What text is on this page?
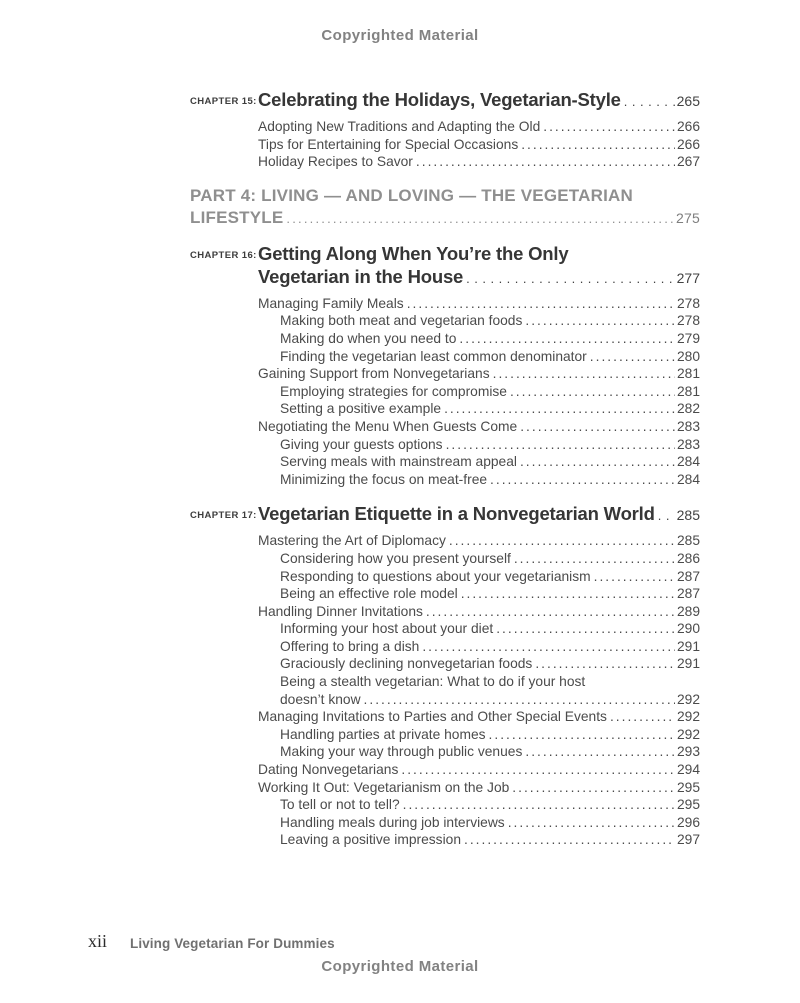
Copyrighted Material
CHAPTER 15: Celebrating the Holidays, Vegetarian-Style .....	265
Adopting New Traditions and Adapting the Old .....	266
Tips for Entertaining for Special Occasions .....	266
Holiday Recipes to Savor .....	267
PART 4: LIVING — AND LOVING — THE VEGETARIAN
LIFESTYLE .....	275
CHAPTER 16: Getting Along When You’re the Only
Vegetarian in the House .....	277
Managing Family Meals .....	278
Making both meat and vegetarian foods .....	278
Making do when you need to .....	279
Finding the vegetarian least common denominator .....	280
Gaining Support from Nonvegetarians .....	281
Employing strategies for compromise .....	281
Setting a positive example .....	282
Negotiating the Menu When Guests Come .....	283
Giving your guests options .....	283
Serving meals with mainstream appeal .....	284
Minimizing the focus on meat-free .....	284
CHAPTER 17: Vegetarian Etiquette in a Nonvegetarian World ..... 285
Mastering the Art of Diplomacy .....	285
Considering how you present yourself .....	286
Responding to questions about your vegetarianism .....	287
Being an effective role model .....	287
Handling Dinner Invitations .....	289
Informing your host about your diet .....	290
Offering to bring a dish .....	291
Graciously declining nonvegetarian foods .....	291
Being a stealth vegetarian: What to do if your host
doesn’t know .....	292
Managing Invitations to Parties and Other Special Events .....	292
Handling parties at private homes .....	292
Making your way through public venues .....	293
Dating Nonvegetarians .....	294
Working It Out: Vegetarianism on the Job .....	295
To tell or not to tell? .....	295
Handling meals during job interviews .....	296
Leaving a positive impression .....	297
xii Living Vegetarian For Dummies
Copyrighted Material
